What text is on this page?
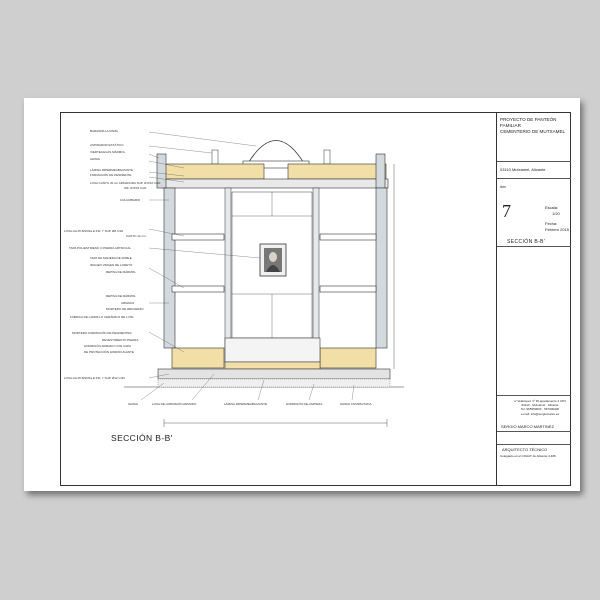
BARANDILLA RAMA
ASPIRADOR ESTÁTICO
VIERTEAGUAS MÁRMOL
GRAVA
LÁMINA IMPERMEABILIZANTE
FORMACIÓN DE PENDIENTE
LOSA CANTO 20 cm ARMADURA SUP. Ø 8/12 C/20
INF. Ø 8/15 C/20
COLUMBARIO
LOSA HA 25 B/20/IIa E INF. Y SUP. Ø8 C/20
CANTO 12 cm
TAPA POLIESTIRENO O PIEDRA ARTIFICIAL
TAPA DE MADERA DE ROBLE
IMAGEN VIRGEN DE LORETO
REPISA DE MÁRMOL
REPISA DE MÁRMOL
ARMADO
MORTERO DE REFUERZO
FÁBRICA DE LADRILLO CERÁMICO DE 1 PIE
MORTERO FORMACIÓN DE PENDIENTES
REVESTIMIENTO PIEDRA
HORMIGÓN ARMADO CON CAPA
DE PROTECCIÓN HIDRÓFUGANTE
LOSA HA 25 B/20/IIa E INF. Y SUP. Ø12 C/20
GRAVA	LOSA DE HORMIGÓN ARMADO	LÁMINA IMPERMEABILIZANTE	HORMIGÓN DE LIMPIEZA	GRAVA COMPACTADA
SECCIÓN B-B'
PROYECTO DE PANTEÓN
FAMILIAR
CEMENTERIO DE MUTXAMEL
03110 Mutxamel, Alicante
lám
7	Escala:
1/20
Fecha:
Febrero 2015
SECCIÓN B-B'
c/ Velazquez nº 36 apartamento 4 CP3
03110 · Mutxamel · Alicante
Tel: 965950000 · 667000000
e-mail: info@sergiomarco.es
SERGIO MARCO MARTINEZ
ARQUITECTO TÉCNICO
Colegiado en el COAAT de Alicante 3.408
